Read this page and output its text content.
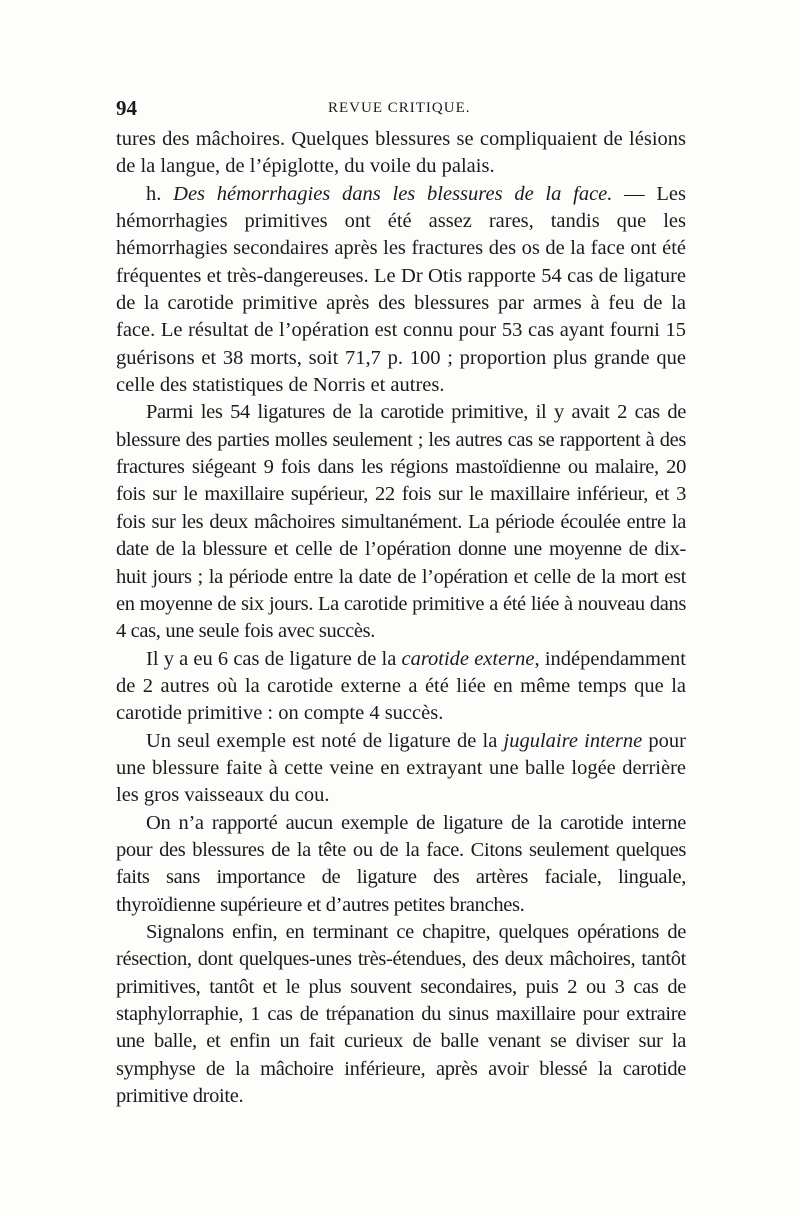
94	REVUE CRITIQUE.

tures des mâchoires. Quelques blessures se compliquaient de lésions de la langue, de l’épiglotte, du voile du palais.

h. Des hémorrhagies dans les blessures de la face. — Les hémorrhagies primitives ont été assez rares, tandis que les hémorrhagies secondaires après les fractures des os de la face ont été fréquentes et très-dangereuses. Le Dr Otis rapporte 54 cas de ligature de la carotide primitive après des blessures par armes à feu de la face. Le résultat de l’opération est connu pour 53 cas ayant fourni 15 guérisons et 38 morts, soit 71,7 p. 100 ; proportion plus grande que celle des statistiques de Norris et autres.

Parmi les 54 ligatures de la carotide primitive, il y avait 2 cas de blessure des parties molles seulement ; les autres cas se rapportent à des fractures siégeant 9 fois dans les régions mastoïdienne ou malaire, 20 fois sur le maxillaire supérieur, 22 fois sur le maxillaire inférieur, et 3 fois sur les deux mâchoires simultanément. La période écoulée entre la date de la blessure et celle de l’opération donne une moyenne de dix-huit jours ; la période entre la date de l’opération et celle de la mort est en moyenne de six jours. La carotide primitive a été liée à nouveau dans 4 cas, une seule fois avec succès.

Il y a eu 6 cas de ligature de la carotide externe, indépendamment de 2 autres où la carotide externe a été liée en même temps que la carotide primitive : on compte 4 succès.

Un seul exemple est noté de ligature de la jugulaire interne pour une blessure faite à cette veine en extrayant une balle logée derrière les gros vaisseaux du cou.

On n’a rapporté aucun exemple de ligature de la carotide interne pour des blessures de la tête ou de la face. Citons seulement quelques faits sans importance de ligature des artères faciale, linguale, thyroïdienne supérieure et d’autres petites branches.

Signalons enfin, en terminant ce chapitre, quelques opérations de résection, dont quelques-unes très-étendues, des deux mâchoires, tantôt primitives, tantôt et le plus souvent secondaires, puis 2 ou 3 cas de staphylorraphie, 1 cas de trépanation du sinus maxillaire pour extraire une balle, et enfin un fait curieux de balle venant se diviser sur la symphyse de la mâchoire inférieure, après avoir blessé la carotide primitive droite.
